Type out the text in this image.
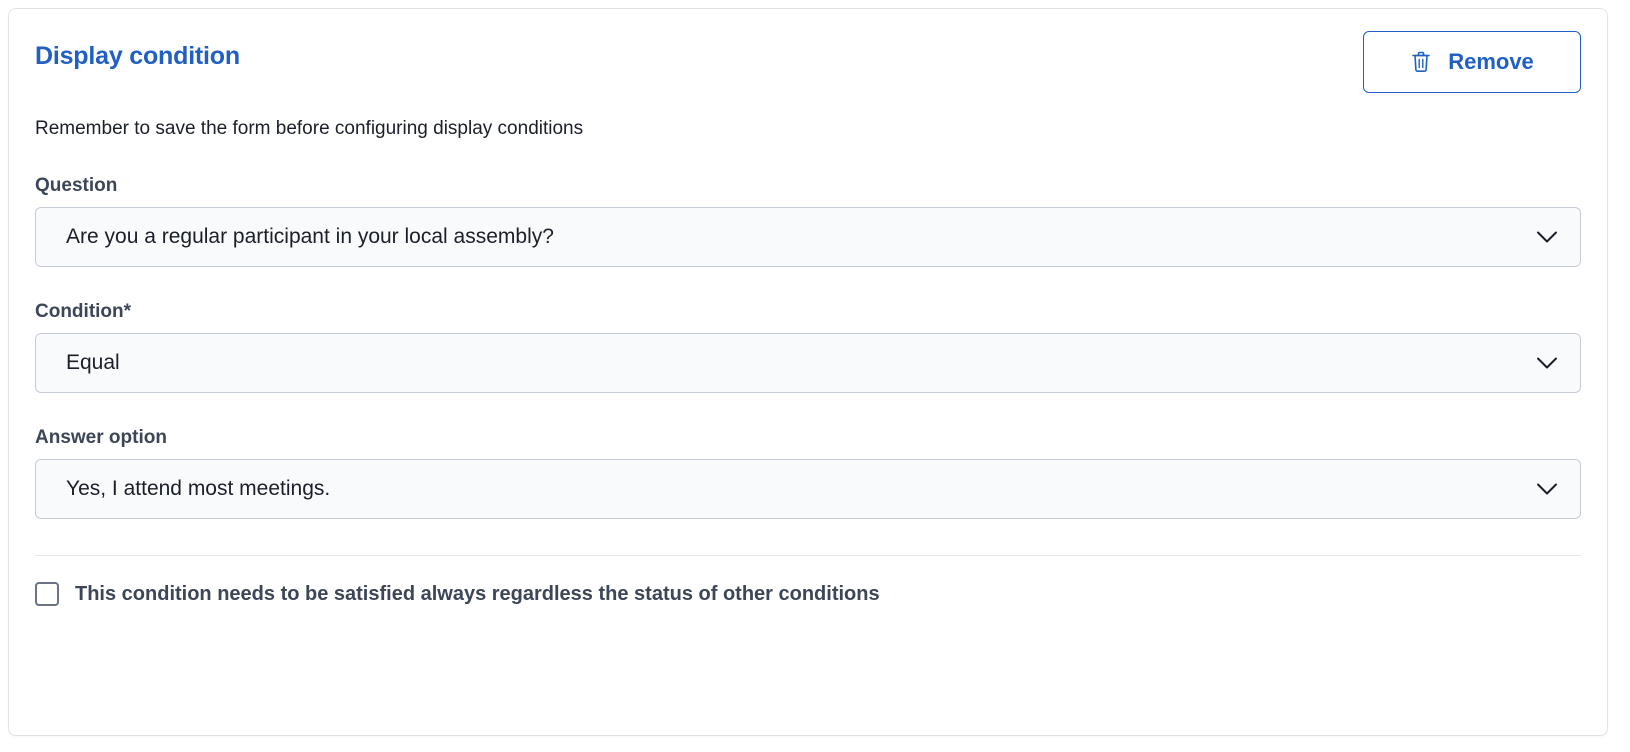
Display condition	Remove
Remember to save the form before configuring display conditions
Question
Are you a regular participant in your local assembly?
Condition*
Equal
Answer option
Yes, I attend most meetings.
This condition needs to be satisfied always regardless the status of other conditions
